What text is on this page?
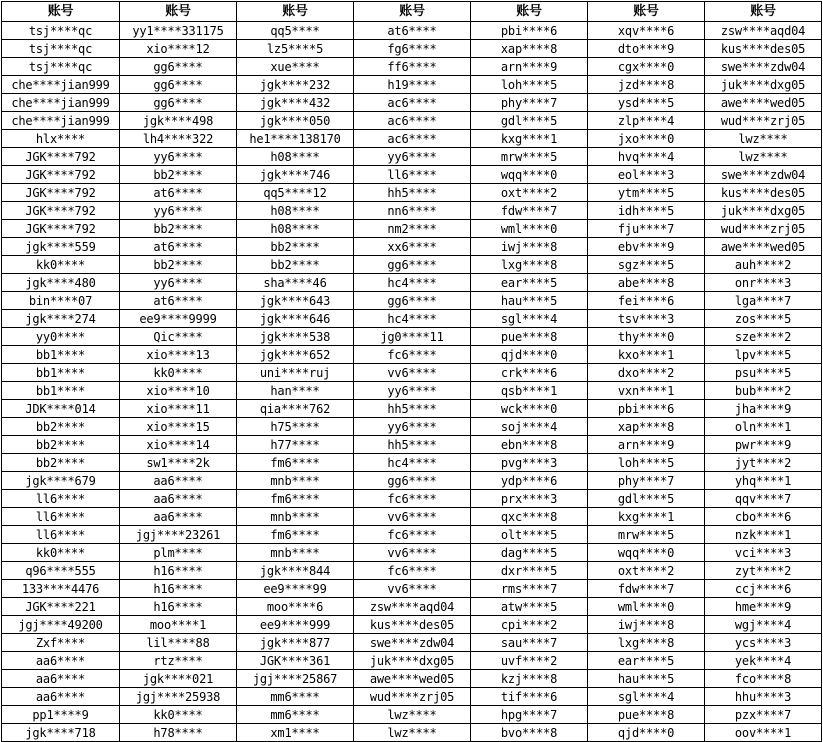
账号	账号	账号	账号	账号	账号	账号
tsj****qc	yy1****331175	qq5****	at6****	pbi****6	xqv****6	zsw****aqd04
tsj****qc	xio****12	lz5****5	fg6****	xap****8	dto****9	kus****des05
tsj****qc	gg6****	xue****	ff6****	arn****9	cgx****0	swe****zdw04
che****jian999	gg6****	jgk****232	h19****	loh****5	jzd****8	juk****dxg05
che****jian999	gg6****	jgk****432	ac6****	phy****7	ysd****5	awe****wed05
che****jian999	jgk****498	jgk****050	ac6****	gdl****5	zlp****4	wud****zrj05
hlx****	lh4****322	he1****138170	ac6****	kxg****1	jxo****0	lwz****
JGK****792	yy6****	h08****	yy6****	mrw****5	hvq****4	lwz****
JGK****792	bb2****	jgk****746	ll6****	wqq****0	eol****3	swe****zdw04
JGK****792	at6****	qq5****12	hh5****	oxt****2	ytm****5	kus****des05
JGK****792	yy6****	h08****	nn6****	fdw****7	idh****5	juk****dxg05
JGK****792	bb2****	h08****	nm2****	wml****0	fju****7	wud****zrj05
jgk****559	at6****	bb2****	xx6****	iwj****8	ebv****9	awe****wed05
kk0****	bb2****	bb2****	gg6****	lxg****8	sgz****5	auh****2
jgk****480	yy6****	sha****46	hc4****	ear****5	abe****8	onr****3
bin****07	at6****	jgk****643	gg6****	hau****5	fei****6	lga****7
jgk****274	ee9****9999	jgk****646	hc4****	sgl****4	tsv****3	zos****5
yy0****	Qic****	jgk****538	jg0****11	pue****8	thy****0	sze****2
bb1****	xio****13	jgk****652	fc6****	qjd****0	kxo****1	lpv****5
bb1****	kk0****	uni****ruj	vv6****	crk****6	dxo****2	psu****5
bb1****	xio****10	han****	yy6****	qsb****1	vxn****1	bub****2
JDK****014	xio****11	qia****762	hh5****	wck****0	pbi****6	jha****9
bb2****	xio****15	h75****	yy6****	soj****4	xap****8	oln****1
bb2****	xio****14	h77****	hh5****	ebn****8	arn****9	pwr****9
bb2****	sw1****2k	fm6****	hc4****	pvg****3	loh****5	jyt****2
jgk****679	aa6****	mnb****	gg6****	ydp****6	phy****7	yhq****1
ll6****	aa6****	fm6****	fc6****	prx****3	gdl****5	qqv****7
ll6****	aa6****	mnb****	vv6****	qxc****8	kxg****1	cbo****6
ll6****	jgj****23261	fm6****	fc6****	olt****5	mrw****5	nzk****1
kk0****	plm****	mnb****	vv6****	dag****5	wqq****0	vci****3
q96****555	h16****	jgk****844	fc6****	dxr****5	oxt****2	zyt****2
133****4476	h16****	ee9****99	vv6****	rms****7	fdw****7	ccj****6
JGK****221	h16****	moo****6	zsw****aqd04	atw****5	wml****0	hme****9
jgj****49200	moo****1	ee9****999	kus****des05	cpi****2	iwj****8	wgj****4
Zxf****	lil****88	jgk****877	swe****zdw04	sau****7	lxg****8	ycs****3
aa6****	rtz****	JGK****361	juk****dxg05	uvf****2	ear****5	yek****4
aa6****	jgk****021	jgj****25867	awe****wed05	kzj****8	hau****5	fco****8
aa6****	jgj****25938	mm6****	wud****zrj05	tif****6	sgl****4	hhu****3
pp1****9	kk0****	mm6****	lwz****	hpg****7	pue****8	pzx****7
jgk****718	h78****	xm1****	lwz****	bvo****8	qjd****0	oov****1
